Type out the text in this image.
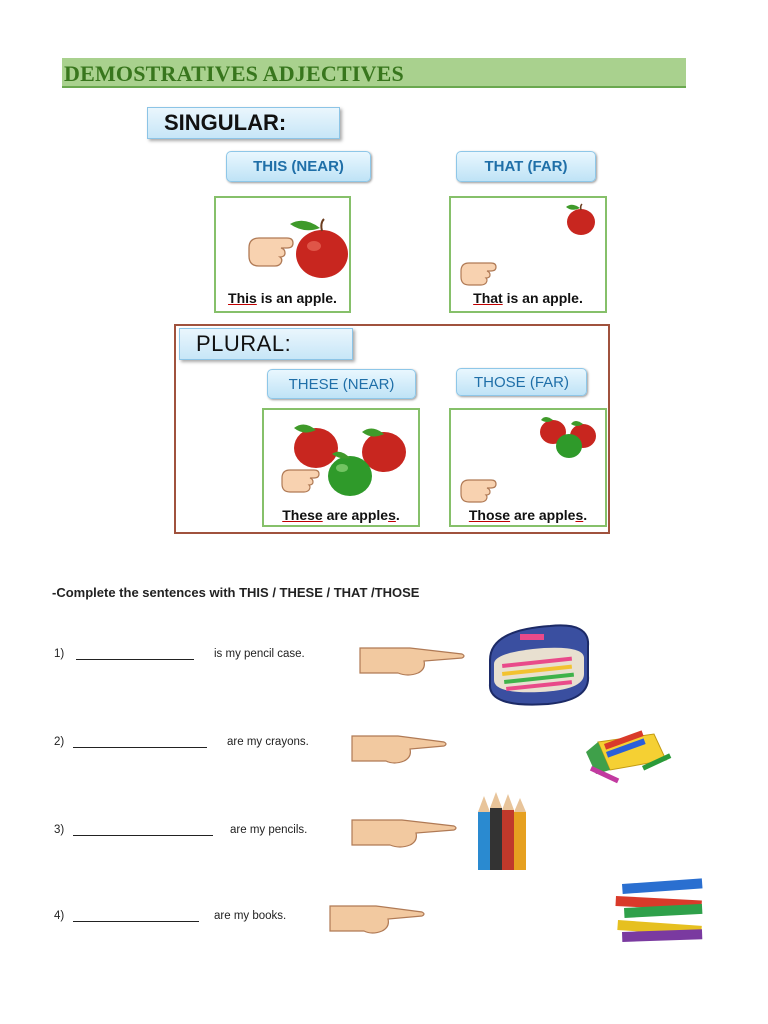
DEMOSTRATIVES ADJECTIVES
SINGULAR:
THIS (NEAR)	THAT (FAR)
This is an apple.	That is an apple.
PLURAL:
THESE (NEAR)	THOSE (FAR)
These are apples.	Those are apples.
-Complete the sentences with THIS / THESE / THAT /THOSE
1)	is my pencil case.
2)	are my crayons.
3)	are my pencils.
4)	are my books.
